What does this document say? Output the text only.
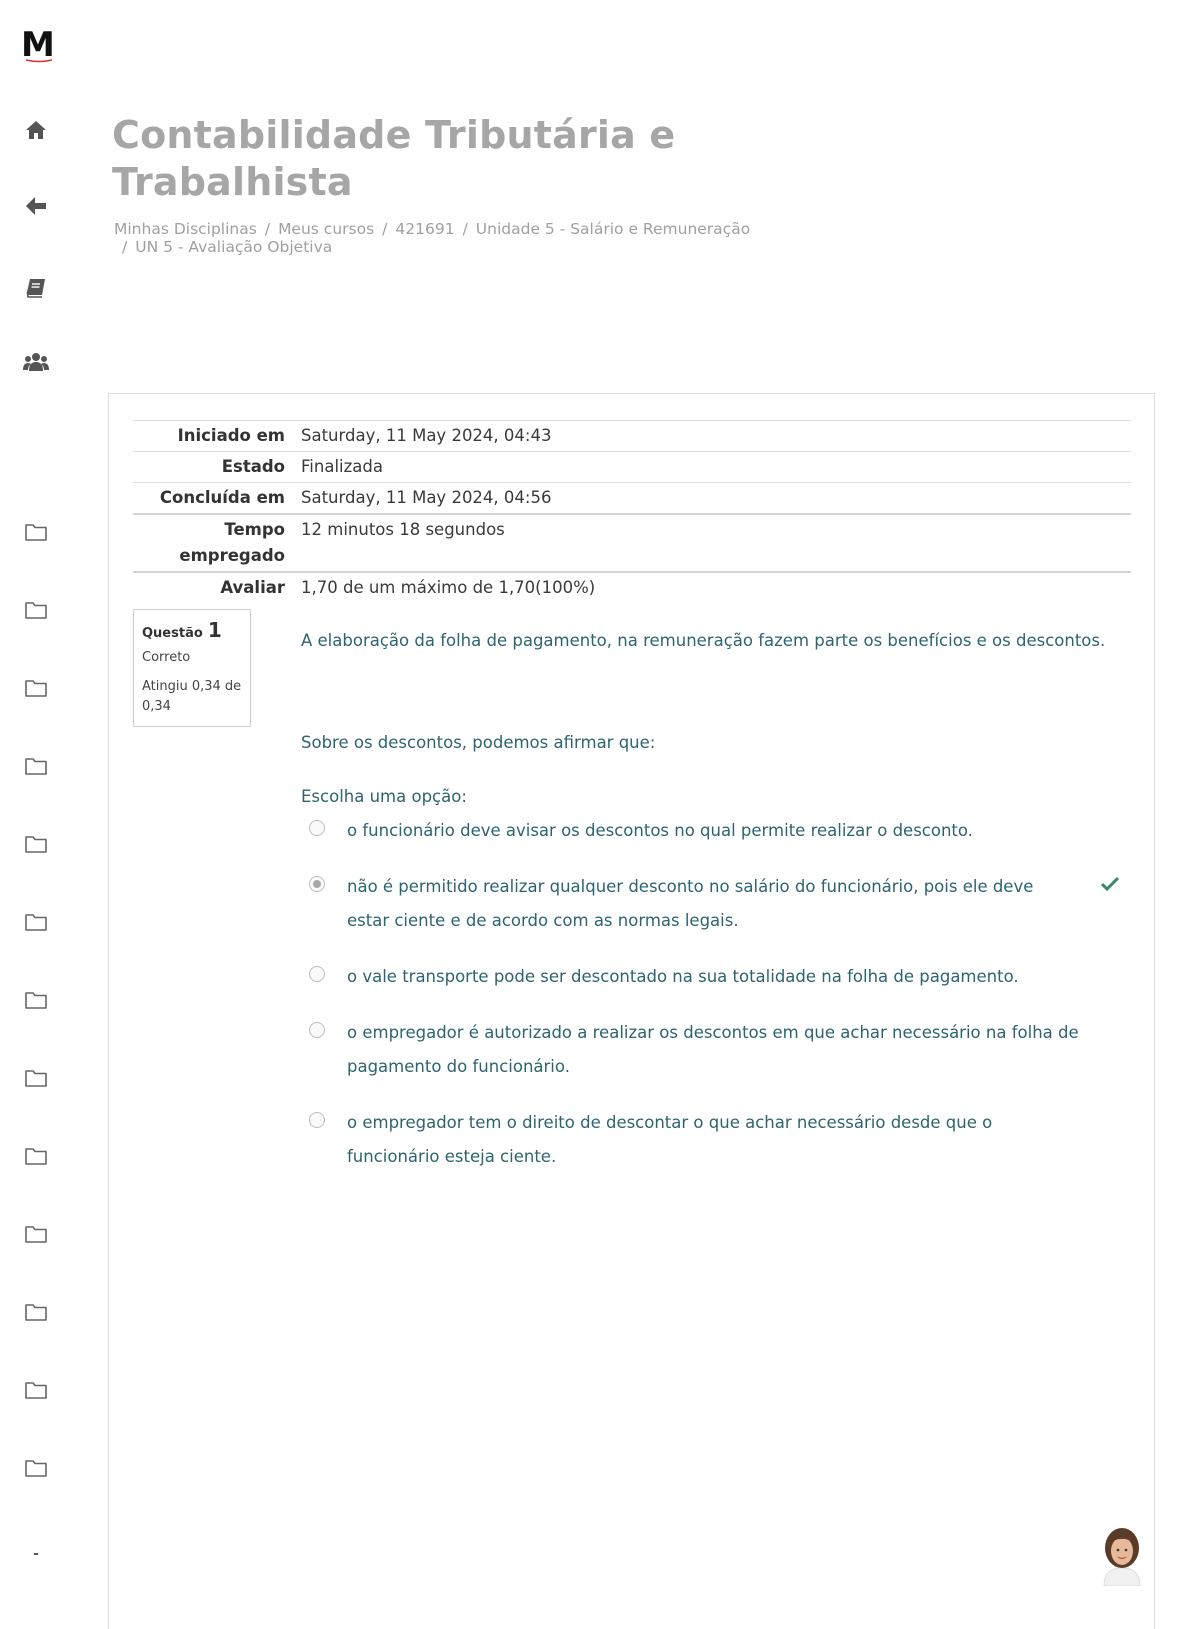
M
-
Contabilidade Tributária e Trabalhista
Minhas Disciplinas / Meus cursos / 421691 / Unidade 5 - Salário e Remuneração
/ UN 5 - Avaliação Objetiva
Iniciado em	Saturday, 11 May 2024, 04:43
Estado	Finalizada
Concluída em	Saturday, 11 May 2024, 04:56
Tempo empregado	12 minutos 18 segundos
Avaliar	1,70 de um máximo de 1,70(100%)
Questão 1
Correto
Atingiu 0,34 de 0,34
A elaboração da folha de pagamento, na remuneração fazem parte os benefícios e os descontos.
Sobre os descontos, podemos afirmar que:
Escolha uma opção:
o funcionário deve avisar os descontos no qual permite realizar o desconto.
não é permitido realizar qualquer desconto no salário do funcionário, pois ele deve estar ciente e de acordo com as normas legais.
o vale transporte pode ser descontado na sua totalidade na folha de pagamento.
o empregador é autorizado a realizar os descontos em que achar necessário na folha de pagamento do funcionário.
o empregador tem o direito de descontar o que achar necessário desde que o funcionário esteja ciente.
